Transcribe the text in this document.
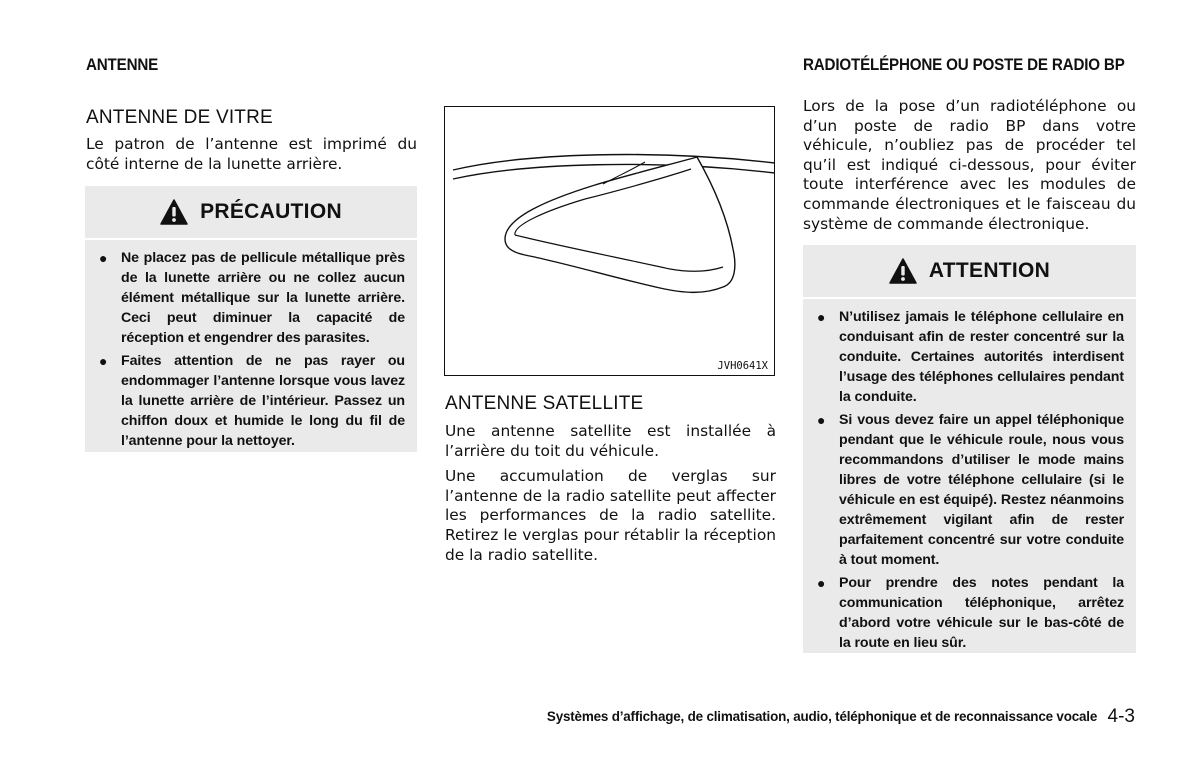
ANTENNE
ANTENNE DE VITRE

Le patron de l’antenne est imprimé du côté interne de la lunette arrière.

PRÉCAUTION
● Ne placez pas de pellicule métallique près de la lunette arrière ou ne collez aucun élément métallique sur la lunette arrière. Ceci peut diminuer la capacité de réception et engendrer des parasites.
● Faites attention de ne pas rayer ou endommager l’antenne lorsque vous lavez la lunette arrière de l’intérieur. Passez un chiffon doux et humide le long du fil de l’antenne pour la nettoyer.
JVH0641X
ANTENNE SATELLITE

Une antenne satellite est installée à l’arrière du toit du véhicule.

Une accumulation de verglas sur l’antenne de la radio satellite peut affecter les performances de la radio satellite. Retirez le verglas pour rétablir la réception de la radio satellite.

RADIOTÉLÉPHONE OU POSTE DE RADIO BP

Lors de la pose d’un radiotéléphone ou d’un poste de radio BP dans votre véhicule, n’oubliez pas de procéder tel qu’il est indiqué ci-dessous, pour éviter toute interférence avec les modules de commande électroniques et le faisceau du système de commande électronique.

ATTENTION
● N’utilisez jamais le téléphone cellulaire en conduisant afin de rester concentré sur la conduite. Certaines autorités interdisent l’usage des téléphones cellulaires pendant la conduite.
● Si vous devez faire un appel téléphonique pendant que le véhicule roule, nous vous recommandons d’utiliser le mode mains libres de votre téléphone cellulaire (si le véhicule en est équipé). Restez néanmoins extrêmement vigilant afin de rester parfaitement concentré sur votre conduite à tout moment.
● Pour prendre des notes pendant la communication téléphonique, arrêtez d’abord votre véhicule sur le bas-côté de la route en lieu sûr.
Systèmes d’affichage, de climatisation, audio, téléphonique et de reconnaissance vocale 4-3
